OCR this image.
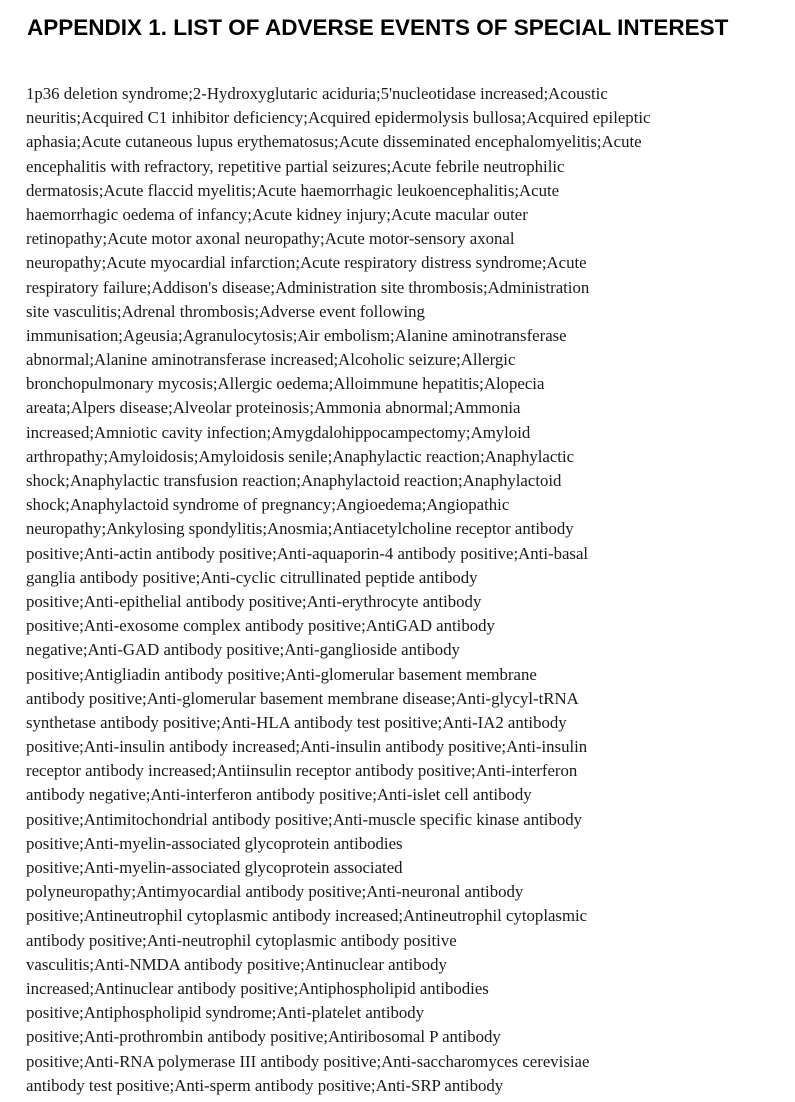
APPENDIX 1. LIST OF ADVERSE EVENTS OF SPECIAL INTEREST
1p36 deletion syndrome;2-Hydroxyglutaric aciduria;5'nucleotidase increased;Acoustic
neuritis;Acquired C1 inhibitor deficiency;Acquired epidermolysis bullosa;Acquired epileptic
aphasia;Acute cutaneous lupus erythematosus;Acute disseminated encephalomyelitis;Acute
encephalitis with refractory, repetitive partial seizures;Acute febrile neutrophilic
dermatosis;Acute flaccid myelitis;Acute haemorrhagic leukoencephalitis;Acute
haemorrhagic oedema of infancy;Acute kidney injury;Acute macular outer
retinopathy;Acute motor axonal neuropathy;Acute motor-sensory axonal
neuropathy;Acute myocardial infarction;Acute respiratory distress syndrome;Acute
respiratory failure;Addison's disease;Administration site thrombosis;Administration
site vasculitis;Adrenal thrombosis;Adverse event following
immunisation;Ageusia;Agranulocytosis;Air embolism;Alanine aminotransferase
abnormal;Alanine aminotransferase increased;Alcoholic seizure;Allergic
bronchopulmonary mycosis;Allergic oedema;Alloimmune hepatitis;Alopecia
areata;Alpers disease;Alveolar proteinosis;Ammonia abnormal;Ammonia
increased;Amniotic cavity infection;Amygdalohippocampectomy;Amyloid
arthropathy;Amyloidosis;Amyloidosis senile;Anaphylactic reaction;Anaphylactic
shock;Anaphylactic transfusion reaction;Anaphylactoid reaction;Anaphylactoid
shock;Anaphylactoid syndrome of pregnancy;Angioedema;Angiopathic
neuropathy;Ankylosing spondylitis;Anosmia;Antiacetylcholine receptor antibody
positive;Anti-actin antibody positive;Anti-aquaporin-4 antibody positive;Anti-basal
ganglia antibody positive;Anti-cyclic citrullinated peptide antibody
positive;Anti-epithelial antibody positive;Anti-erythrocyte antibody
positive;Anti-exosome complex antibody positive;AntiGAD antibody
negative;Anti-GAD antibody positive;Anti-ganglioside antibody
positive;Antigliadin antibody positive;Anti-glomerular basement membrane
antibody positive;Anti-glomerular basement membrane disease;Anti-glycyl-tRNA
synthetase antibody positive;Anti-HLA antibody test positive;Anti-IA2 antibody
positive;Anti-insulin antibody increased;Anti-insulin antibody positive;Anti-insulin
receptor antibody increased;Antiinsulin receptor antibody positive;Anti-interferon
antibody negative;Anti-interferon antibody positive;Anti-islet cell antibody
positive;Antimitochondrial antibody positive;Anti-muscle specific kinase antibody
positive;Anti-myelin-associated glycoprotein antibodies
positive;Anti-myelin-associated glycoprotein associated
polyneuropathy;Antimyocardial antibody positive;Anti-neuronal antibody
positive;Antineutrophil cytoplasmic antibody increased;Antineutrophil cytoplasmic
antibody positive;Anti-neutrophil cytoplasmic antibody positive
vasculitis;Anti-NMDA antibody positive;Antinuclear antibody
increased;Antinuclear antibody positive;Antiphospholipid antibodies
positive;Antiphospholipid syndrome;Anti-platelet antibody
positive;Anti-prothrombin antibody positive;Antiribosomal P antibody
positive;Anti-RNA polymerase III antibody positive;Anti-saccharomyces cerevisiae
antibody test positive;Anti-sperm antibody positive;Anti-SRP antibody
